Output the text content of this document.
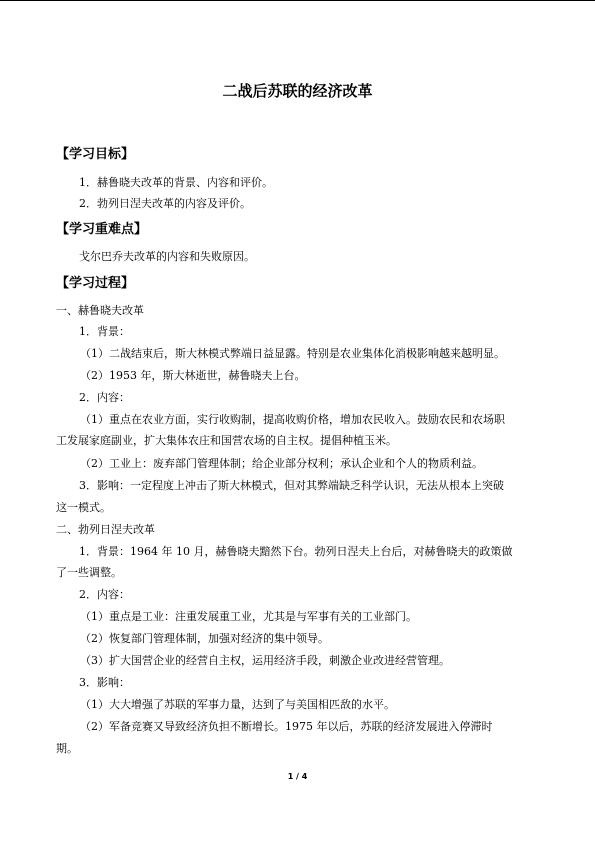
二战后苏联的经济改革
【学习目标】
1．赫鲁晓夫改革的背景、内容和评价。
2．勃列日涅夫改革的内容及评价。
【学习重难点】
戈尔巴乔夫改革的内容和失败原因。
【学习过程】
一、赫鲁晓夫改革
1．背景：
（1）二战结束后，斯大林模式弊端日益显露。特别是农业集体化消极影响越来越明显。
（2）1953 年，斯大林逝世，赫鲁晓夫上台。
2．内容：
（1）重点在农业方面，实行收购制，提高收购价格，增加农民收入。鼓励农民和农场职
工发展家庭副业，扩大集体农庄和国营农场的自主权。提倡种植玉米。
（2）工业上：废弃部门管理体制；给企业部分权利；承认企业和个人的物质利益。
3．影响：一定程度上冲击了斯大林模式，但对其弊端缺乏科学认识，无法从根本上突破
这一模式。
二、勃列日涅夫改革
1．背景：1964 年 10 月，赫鲁晓夫黯然下台。勃列日涅夫上台后，对赫鲁晓夫的政策做
了一些调整。
2．内容：
（1）重点是工业：注重发展重工业，尤其是与军事有关的工业部门。
（2）恢复部门管理体制，加强对经济的集中领导。
（3）扩大国营企业的经营自主权，运用经济手段，刺激企业改进经营管理。
3．影响：
（1）大大增强了苏联的军事力量，达到了与美国相匹敌的水平。
（2）军备竞赛又导致经济负担不断增长。1975 年以后，苏联的经济发展进入停滞时
期。
1 / 4
